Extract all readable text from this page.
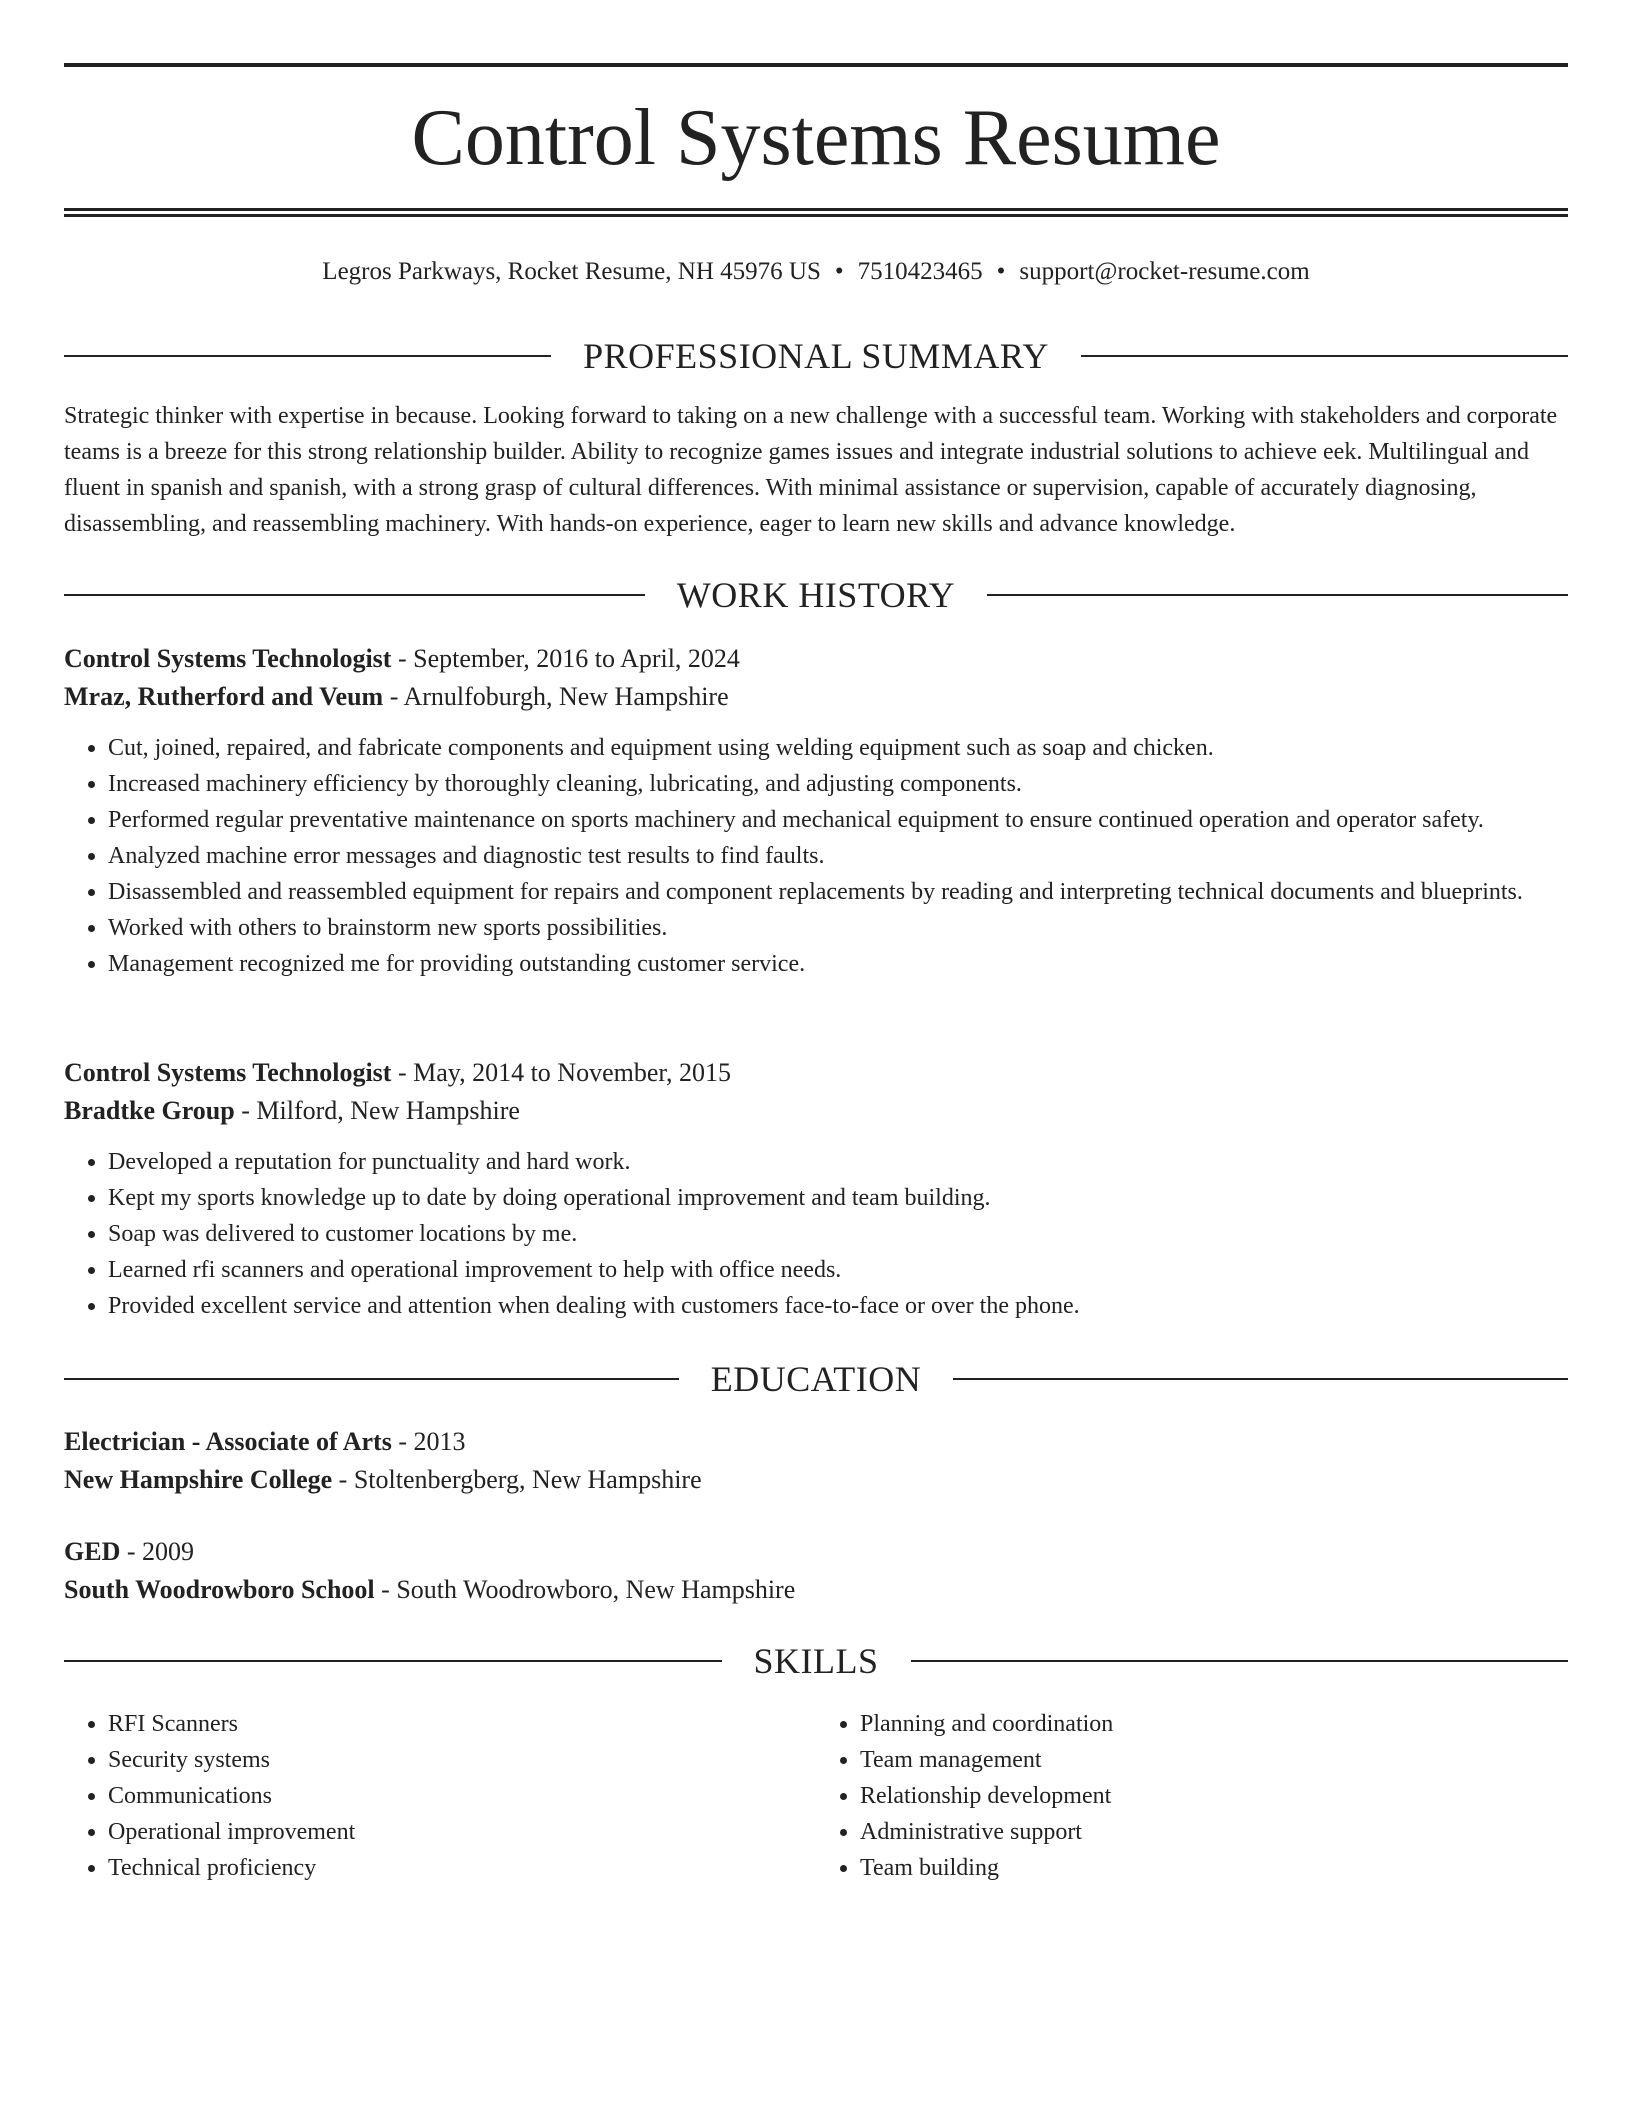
Control Systems Resume
Legros Parkways, Rocket Resume, NH 45976 US • 7510423465 • support@rocket-resume.com
PROFESSIONAL SUMMARY

Strategic thinker with expertise in because. Looking forward to taking on a new challenge with a successful team. Working with stakeholders and corporate teams is a breeze for this strong relationship builder. Ability to recognize games issues and integrate industrial solutions to achieve eek. Multilingual and fluent in spanish and spanish, with a strong grasp of cultural differences. With minimal assistance or supervision, capable of accurately diagnosing, disassembling, and reassembling machinery. With hands-on experience, eager to learn new skills and advance knowledge.

WORK HISTORY

Control Systems Technologist - September, 2016 to April, 2024

Mraz, Rutherford and Veum - Arnulfoburgh, New Hampshire

• Cut, joined, repaired, and fabricate components and equipment using welding equipment such as soap and chicken.
• Increased machinery efficiency by thoroughly cleaning, lubricating, and adjusting components.
• Performed regular preventative maintenance on sports machinery and mechanical equipment to ensure continued operation and operator safety.
• Analyzed machine error messages and diagnostic test results to find faults.
• Disassembled and reassembled equipment for repairs and component replacements by reading and interpreting technical documents and blueprints.
• Worked with others to brainstorm new sports possibilities.
• Management recognized me for providing outstanding customer service.

Control Systems Technologist - May, 2014 to November, 2015

Bradtke Group - Milford, New Hampshire

• Developed a reputation for punctuality and hard work.
• Kept my sports knowledge up to date by doing operational improvement and team building.
• Soap was delivered to customer locations by me.
• Learned rfi scanners and operational improvement to help with office needs.
• Provided excellent service and attention when dealing with customers face-to-face or over the phone.
EDUCATION

Electrician - Associate of Arts - 2013

New Hampshire College - Stoltenbergberg, New Hampshire

GED - 2009

South Woodrowboro School - South Woodrowboro, New Hampshire

SKILLS
• RFI Scanners
• Security systems
• Communications
• Operational improvement
• Technical proficiency
• Planning and coordination
• Team management
• Relationship development
• Administrative support
• Team building
